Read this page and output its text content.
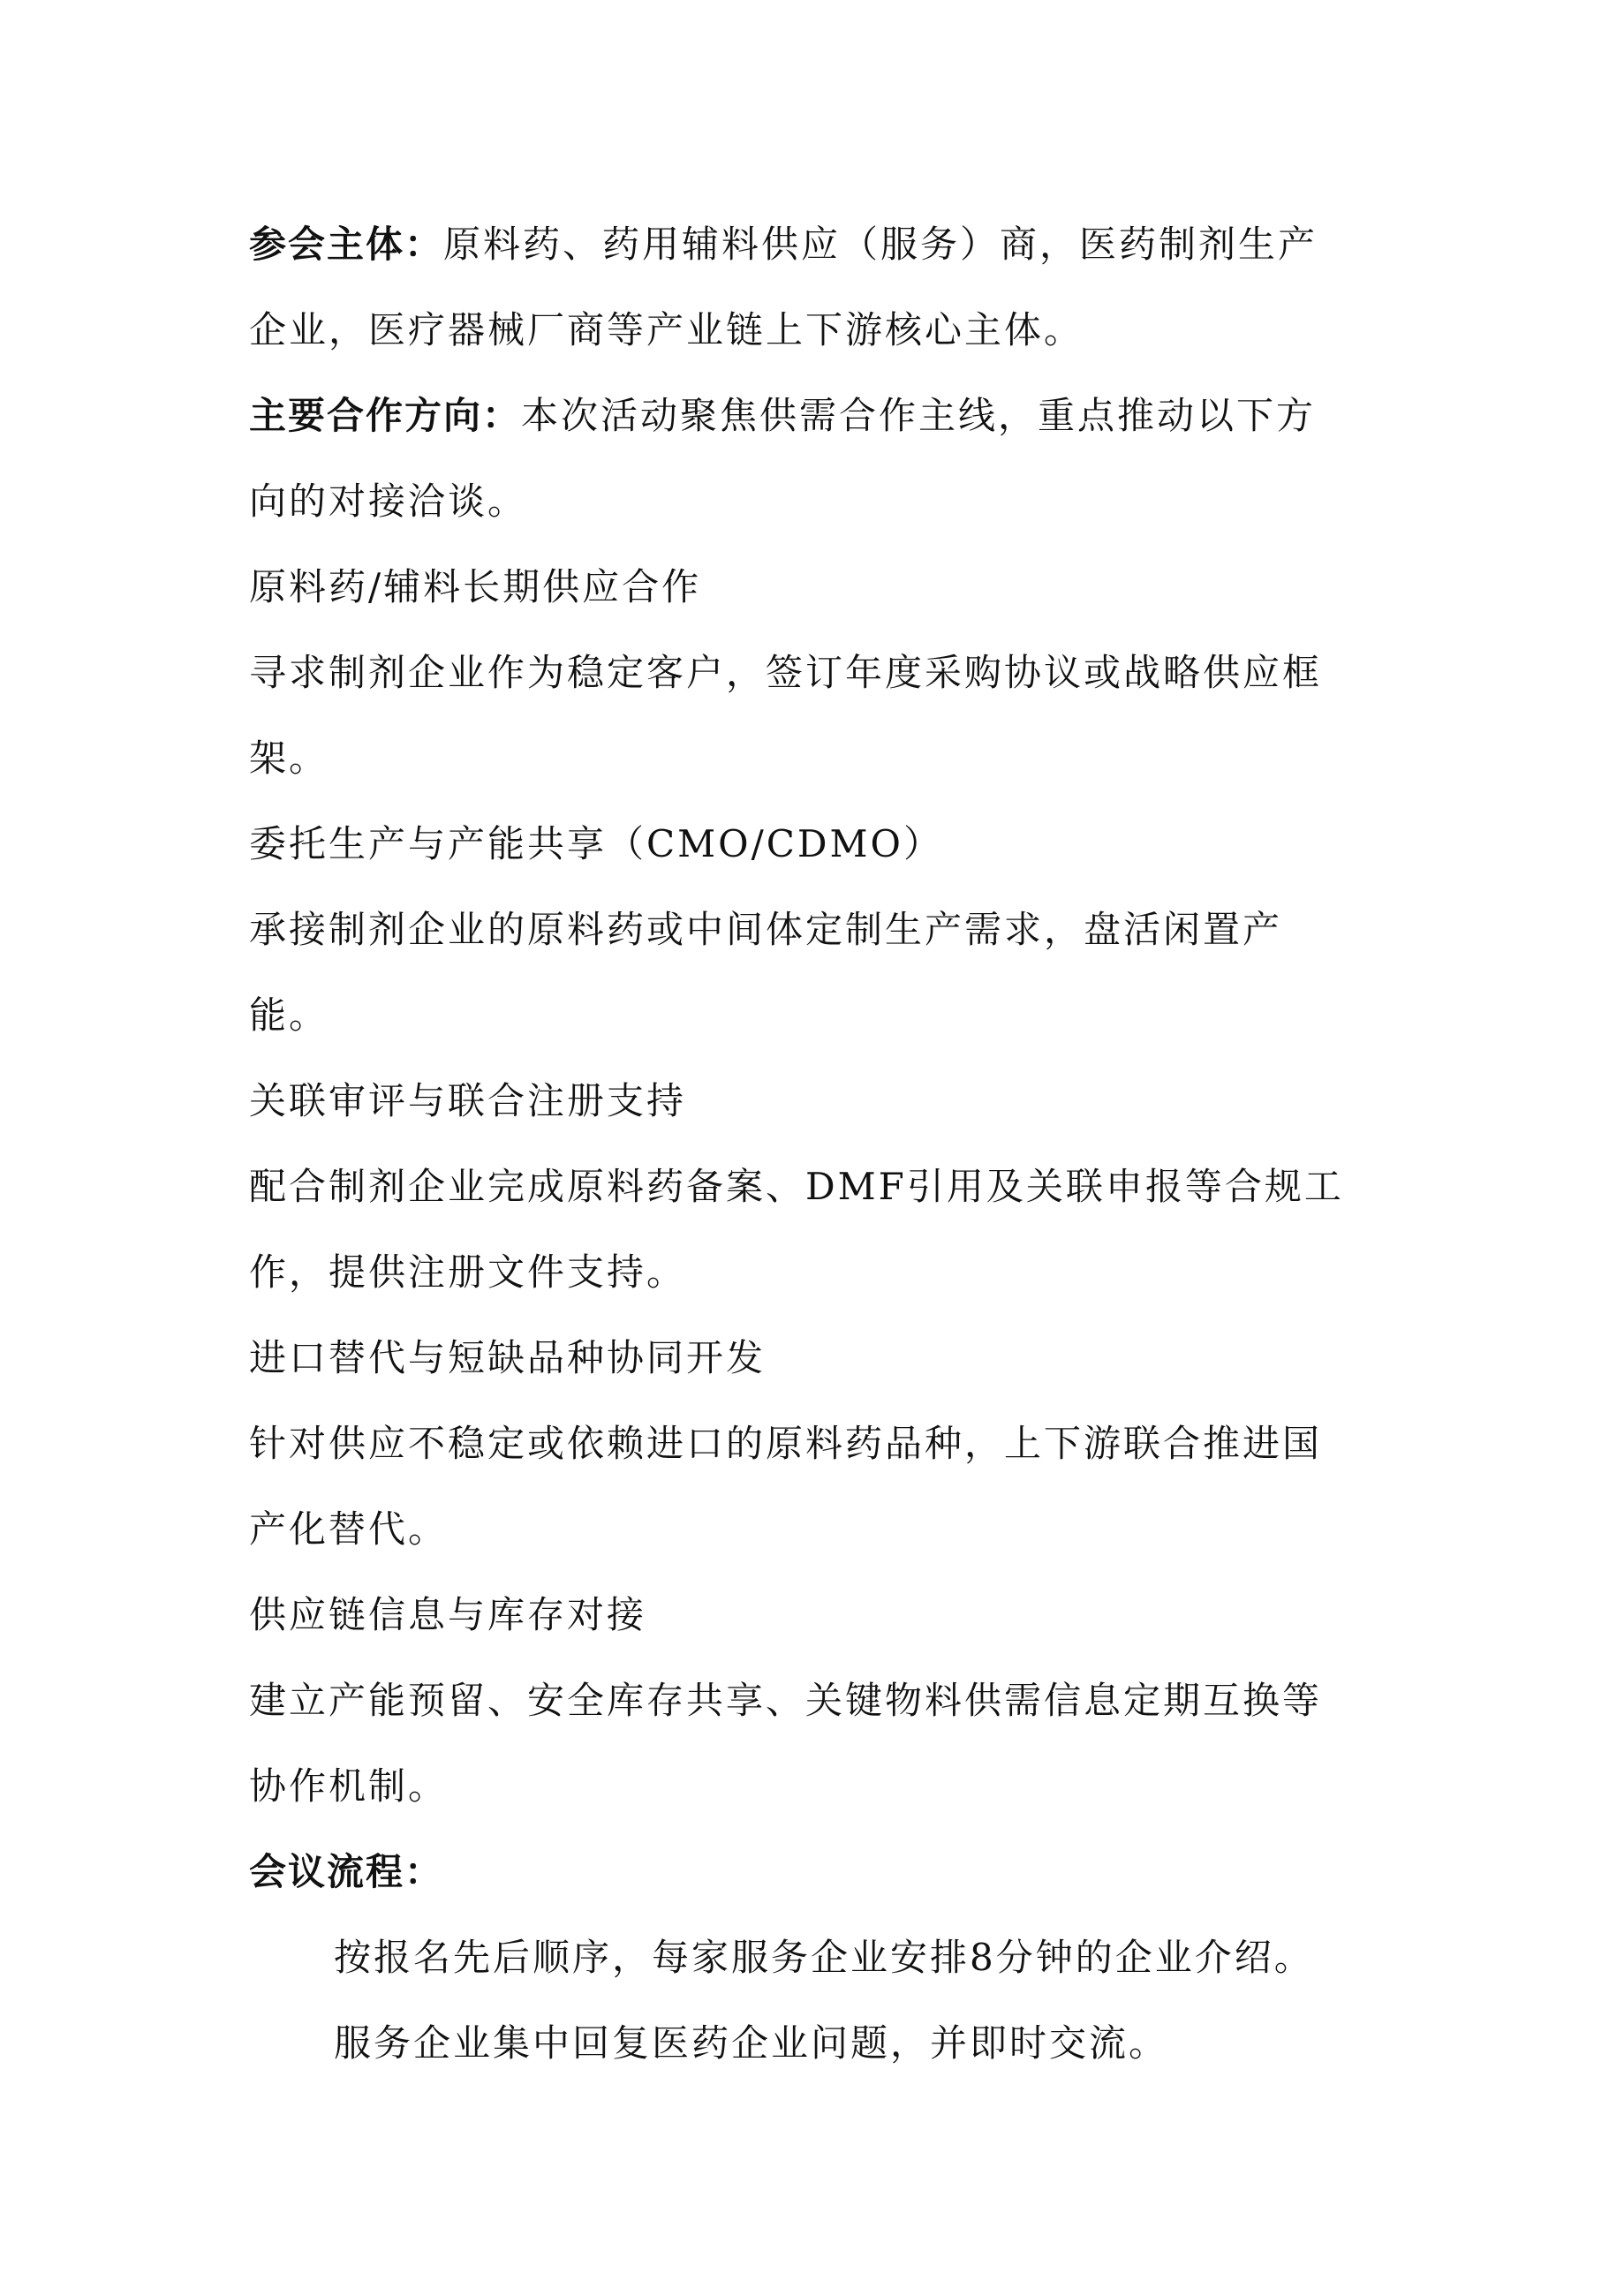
参会主体：原料药、药用辅料供应（服务）商，医药制剂生产
企业，医疗器械厂商等产业链上下游核心主体。
主要合作方向：本次活动聚焦供需合作主线，重点推动以下方
向的对接洽谈。
原料药/辅料长期供应合作
寻求制剂企业作为稳定客户，签订年度采购协议或战略供应框
架。
委托生产与产能共享（CMO/CDMO）
承接制剂企业的原料药或中间体定制生产需求，盘活闲置产
能。
关联审评与联合注册支持
配合制剂企业完成原料药备案、DMF引用及关联申报等合规工
作，提供注册文件支持。
进口替代与短缺品种协同开发
针对供应不稳定或依赖进口的原料药品种，上下游联合推进国
产化替代。
供应链信息与库存对接
建立产能预留、安全库存共享、关键物料供需信息定期互换等
协作机制。
会议流程：
按报名先后顺序，每家服务企业安排8分钟的企业介绍。
服务企业集中回复医药企业问题，并即时交流。
